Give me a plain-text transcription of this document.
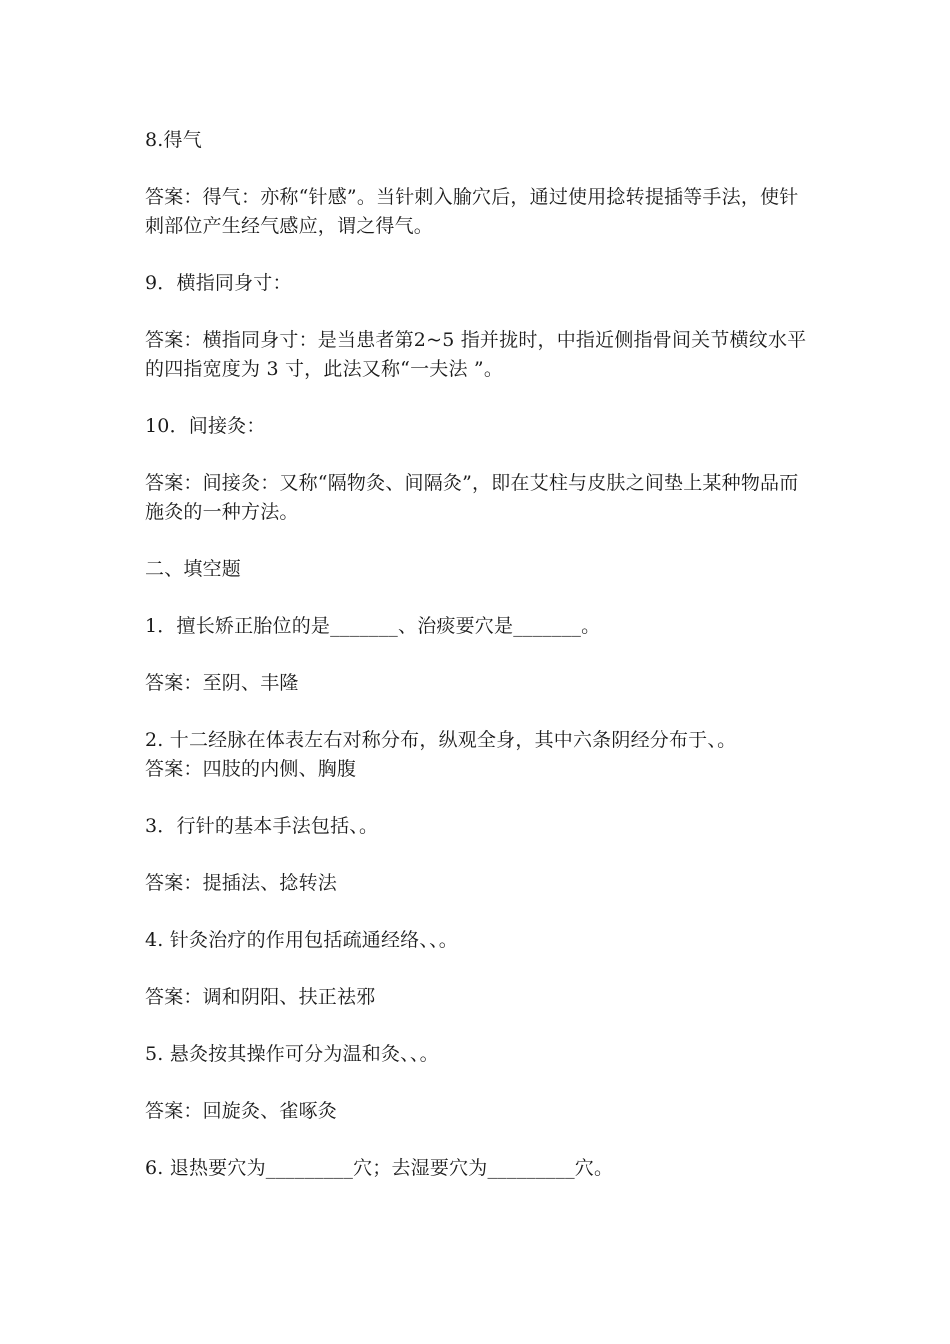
8.得气

答案：得气：亦称“针感”。当针刺入腧穴后，通过使用捻转提插等手法，使针刺部位产生经气感应，谓之得气。

9．横指同身寸：

答案：横指同身寸：是当患者第2~5 指并拢时，中指近侧指骨间关节横纹水平的四指宽度为 3 寸，此法又称“一夫法 ”。

10．间接灸：

答案：间接灸：又称“隔物灸、间隔灸”，即在艾柱与皮肤之间垫上某种物品而施灸的一种方法。

二、填空题

1．擅长矫正胎位的是_______、治痰要穴是_______。

答案：至阴、丰隆

2. 十二经脉在体表左右对称分布，纵观全身，其中六条阴经分布于、。

答案：四肢的内侧、胸腹

3．行针的基本手法包括、。

答案：提插法、捻转法

4. 针灸治疗的作用包括疏通经络、、。

答案：调和阴阳、扶正祛邪

5. 悬灸按其操作可分为温和灸、、。

答案：回旋灸、雀啄灸

6. 退热要穴为_________穴；去湿要穴为_________穴。
